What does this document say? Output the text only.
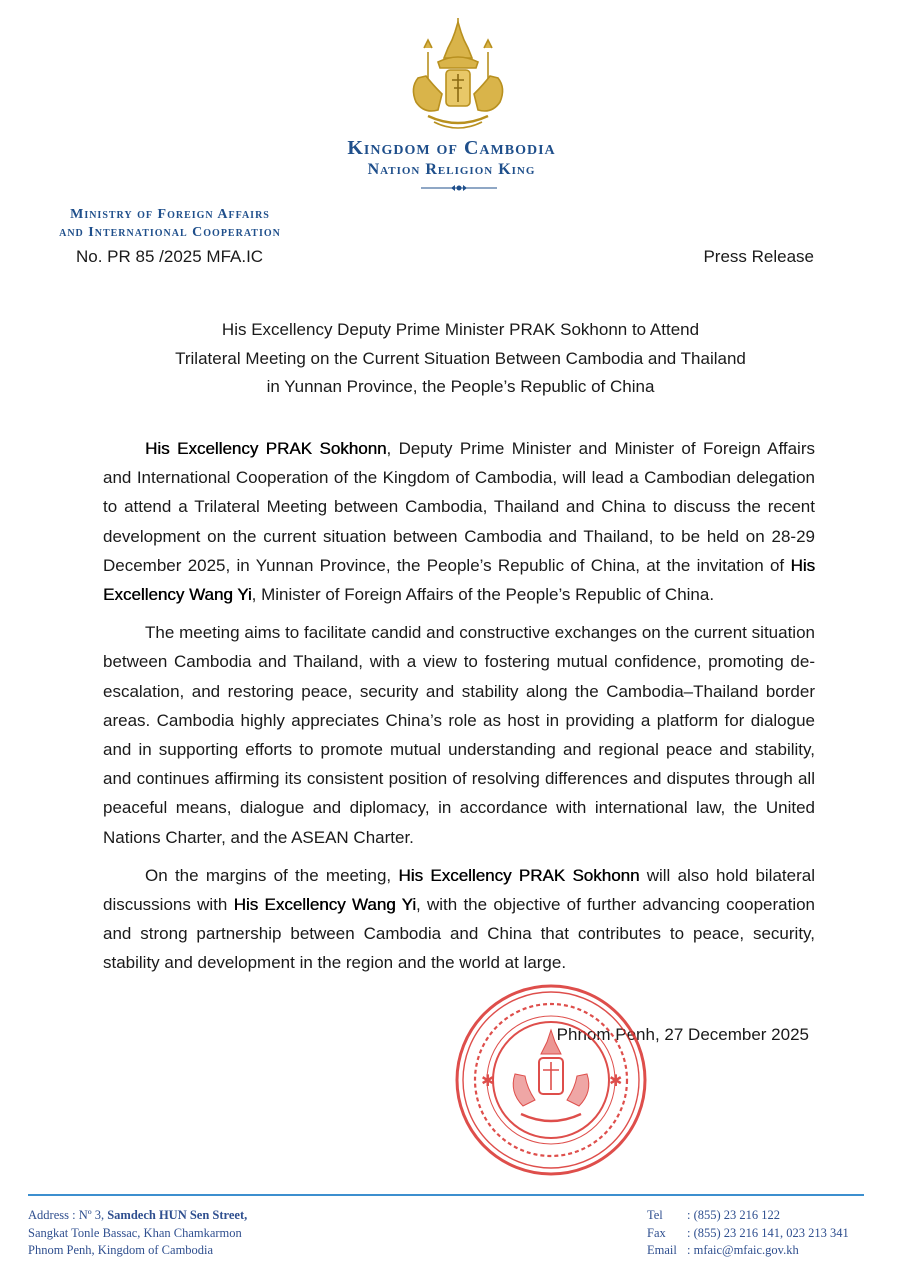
Kingdom of Cambodia
Nation Religion King
Ministry of Foreign Affairs
and International Cooperation
No. PR 85 /2025 MFA.IC	Press Release
His Excellency Deputy Prime Minister PRAK Sokhonn to Attend
Trilateral Meeting on the Current Situation Between Cambodia and Thailand
in Yunnan Province, the People’s Republic of China

His Excellency PRAK Sokhonn, Deputy Prime Minister and Minister of Foreign Affairs and International Cooperation of the Kingdom of Cambodia, will lead a Cambodian delegation to attend a Trilateral Meeting between Cambodia, Thailand and China to discuss the recent development on the current situation between Cambodia and Thailand, to be held on 28-29 December 2025, in Yunnan Province, the People’s Republic of China, at the invitation of His Excellency Wang Yi, Minister of Foreign Affairs of the People’s Republic of China.

The meeting aims to facilitate candid and constructive exchanges on the current situation between Cambodia and Thailand, with a view to fostering mutual confidence, promoting de-escalation, and restoring peace, security and stability along the Cambodia–Thailand border areas. Cambodia highly appreciates China’s role as host in providing a platform for dialogue and in supporting efforts to promote mutual understanding and regional peace and stability, and continues affirming its consistent position of resolving differences and disputes through all peaceful means, dialogue and diplomacy, in accordance with international law, the United Nations Charter, and the ASEAN Charter.

On the margins of the meeting, His Excellency PRAK Sokhonn will also hold bilateral discussions with His Excellency Wang Yi, with the objective of further advancing cooperation and strong partnership between Cambodia and China that contributes to peace, security, stability and development in the region and the world at large.

Phnom Penh, 27 December 2025
✱	✱
Address : Nº 3, Samdech HUN Sen Street,
Sangkat Tonle Bassac, Khan Chamkarmon
Phnom Penh, Kingdom of Cambodia
Tel : (855) 23 216 122
Fax : (855) 23 216 141, 023 213 341
Email : mfaic@mfaic.gov.kh
